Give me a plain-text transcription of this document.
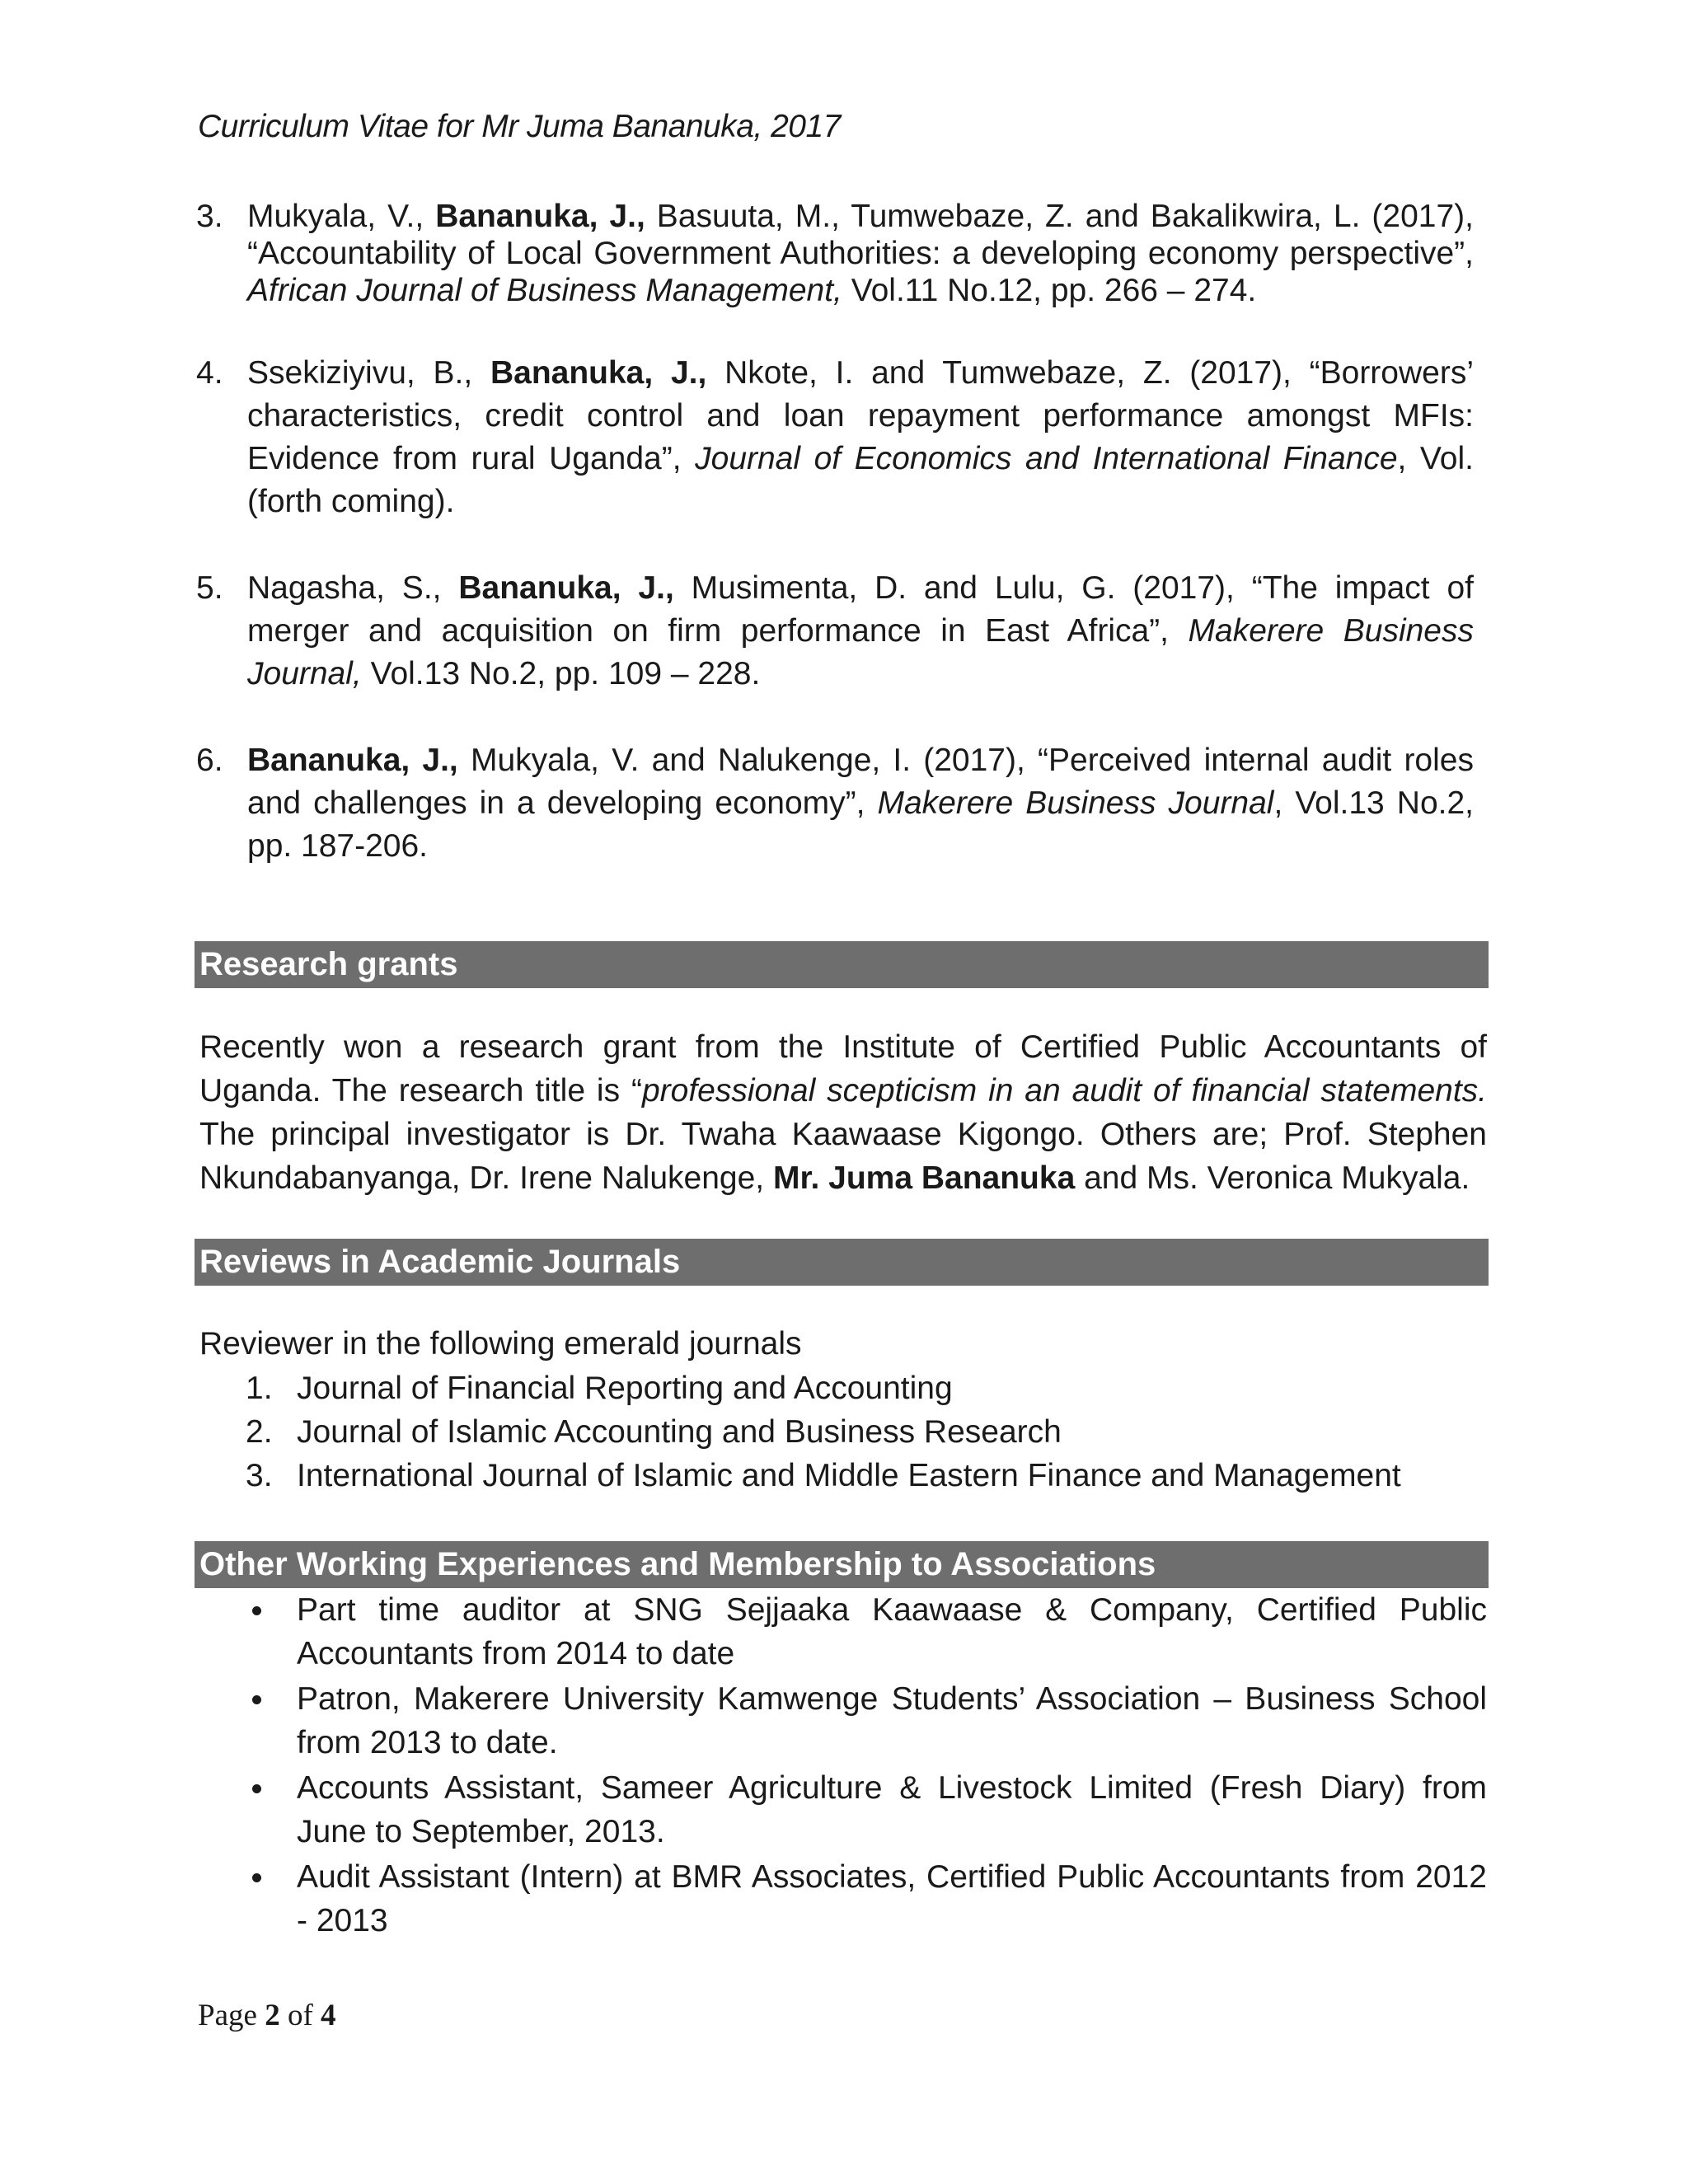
Curriculum Vitae for Mr Juma Bananuka, 2017
3. Mukyala, V., Bananuka, J., Basuuta, M., Tumwebaze, Z. and Bakalikwira, L. (2017), “Accountability of Local Government Authorities: a developing economy perspective”, African Journal of Business Management, Vol.11 No.12, pp. 266 – 274.
4. Ssekiziyivu, B., Bananuka, J., Nkote, I. and Tumwebaze, Z. (2017), “Borrowers’ characteristics, credit control and loan repayment performance amongst MFIs: Evidence from rural Uganda”, Journal of Economics and International Finance, Vol. (forth coming).
5. Nagasha, S., Bananuka, J., Musimenta, D. and Lulu, G. (2017), “The impact of merger and acquisition on firm performance in East Africa”, Makerere Business Journal, Vol.13 No.2, pp. 109 – 228.
6. Bananuka, J., Mukyala, V. and Nalukenge, I. (2017), “Perceived internal audit roles and challenges in a developing economy”, Makerere Business Journal, Vol.13 No.2, pp. 187-206.
Research grants
Recently won a research grant from the Institute of Certified Public Accountants of Uganda. The research title is “professional scepticism in an audit of financial statements. The principal investigator is Dr. Twaha Kaawaase Kigongo. Others are; Prof. Stephen Nkundabanyanga, Dr. Irene Nalukenge, Mr. Juma Bananuka and Ms. Veronica Mukyala.
Reviews in Academic Journals
Reviewer in the following emerald journals
1. Journal of Financial Reporting and Accounting
2. Journal of Islamic Accounting and Business Research
3. International Journal of Islamic and Middle Eastern Finance and Management
Other Working Experiences and Membership to Associations
Part time auditor at SNG Sejjaaka Kaawaase & Company, Certified Public Accountants from 2014 to date
Patron, Makerere University Kamwenge Students’ Association – Business School from 2013 to date.
Accounts Assistant, Sameer Agriculture & Livestock Limited (Fresh Diary) from June to September, 2013.
Audit Assistant (Intern) at BMR Associates, Certified Public Accountants from 2012 - 2013
Page 2 of 4
